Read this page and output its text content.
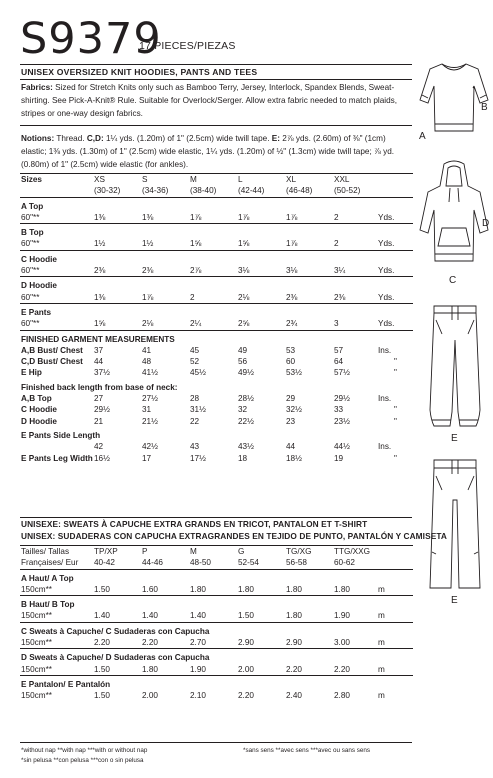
S9379
17 PIECES/PIEZAS
UNISEX OVERSIZED KNIT HOODIES, PANTS AND TEES
Fabrics: Sized for Stretch Knits only such as Bamboo Terry, Jersey, Interlock, Spandex Blends, Sweat-shirting. See Pick-A-Knit® Rule. Suitable for Overlock/Serger. Allow extra fabric needed to match plaids, stripes or one-way design fabrics.
Notions: Thread. C,D: 1¼ yds. (1.20m) of 1" (2.5cm) wide twill tape. E: 2⅞ yds. (2.60m) of ⅜" (1cm) elastic; 1⅜ yds. (1.30m) of 1" (2.5cm) wide elastic, 1¼ yds. (1.20m) of ½" (1.3cm) wide twill tape; ⅞ yd. (0.80m) of 1" (2.5cm) wide elastic (for ankles).
Sizes	XS	S	M	L	XL	XXL	
	(30-32)	(34-36)	(38-40)	(42-44)	(46-48)	(50-52)	
A Top							
60"**	1⅜	1⅜	1⅞	1⅞	1⅞	2	Yds.
B Top							
60"**	1½	1½	1⅝	1⅝	1⅞	2	Yds.
C Hoodie							
60"**	2⅜	2⅜	2⅞	3⅛	3⅛	3¼	Yds.
D Hoodie							
60"**	1⅜	1⅞	2	2⅛	2⅜	2⅜	Yds.
E Pants							
60"**	1⅝	2⅛	2¼	2⅝	2¾	3	Yds.
FINISHED GARMENT MEASUREMENTS							
A,B Bust/ Chest	37	41	45	49	53	57	Ins.
C,D Bust/ Chest	44	48	52	56	60	64	"
E Hip	37½	41½	45½	49½	53½	57½	"
Finished back length from base of neck:							
A,B Top	27	27½	28	28½	29	29½	Ins.
C Hoodie	29½	31	31½	32	32½	33	"
D Hoodie	21	21½	22	22½	23	23½	"
E Pants Side Length							
	42	42½	43	43½	44	44½	Ins.
E Pants Leg Width	16½	17	17½	18	18½	19	"
UNISEXE: SWEATS À CAPUCHE EXTRA GRANDS EN TRICOT, PANTALON ET T-SHIRT
UNISEX: SUDADERAS CON CAPUCHA EXTRAGRANDES EN TEJIDO DE PUNTO, PANTALÓN Y CAMISETA
Tailles/ Tallas	TP/XP	P	M	G	TG/XG	TTG/XXG	
Françaises/ Eur	40-42	44-46	48-50	52-54	56-58	60-62	
A Haut/ A Top							
150cm**	1.50	1.60	1.80	1.80	1.80	1.80	m
B Haut/ B Top							
150cm**	1.40	1.40	1.40	1.50	1.80	1.90	m
C Sweats à Capuche/ C Sudaderas con Capucha							
150cm**	2.20	2.20	2.70	2.90	2.90	3.00	m
D Sweats à Capuche/ D Sudaderas con Capucha							
150cm**	1.50	1.80	1.90	2.00	2.20	2.20	m
E Pantalon/ E Pantalón							
150cm**	1.50	2.00	2.10	2.20	2.40	2.80	m
*without nap **with nap ***with or without nap	*sans sens **avec sens ***avec ou sans sens
*sin pelusa **con pelusa ***con o sin pelusa
B
A
D
C
E
E
